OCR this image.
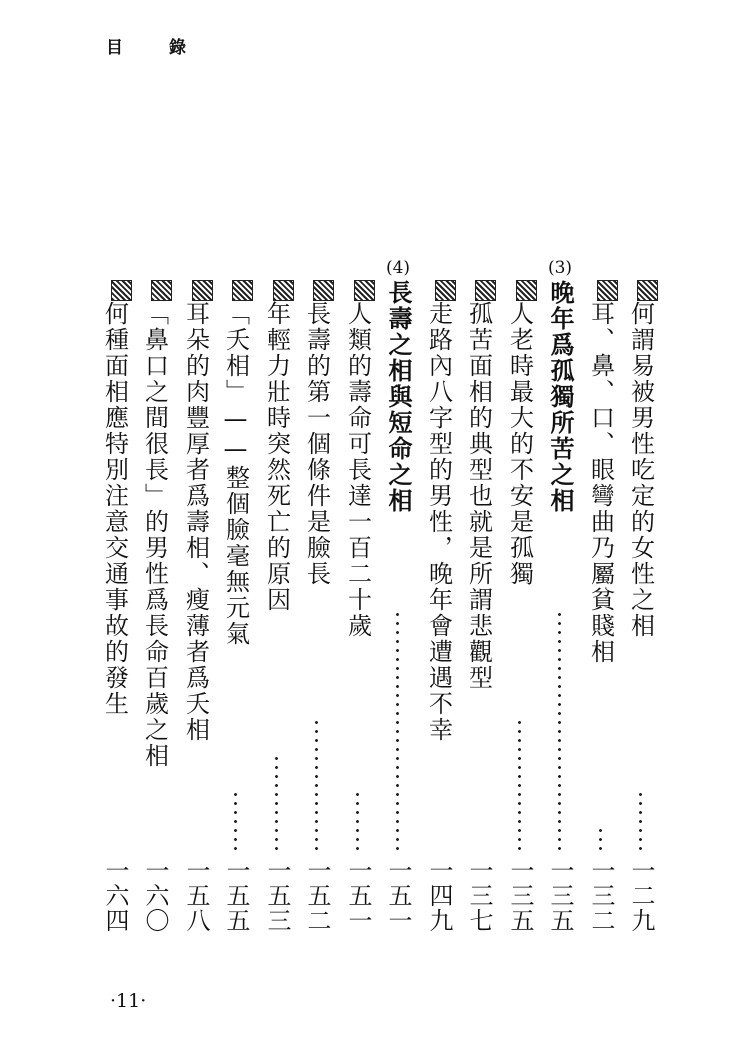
目錄
何謂易被男性吃定的女性之相
一二九
耳、鼻、口、眼彎曲乃屬貧賤相
一三二
(3)
晚年爲孤獨所苦之相
一三五
人老時最大的不安是孤獨
一三五
孤苦面相的典型也就是所謂悲觀型
一三七
走路內八字型的男性，晚年會遭遇不幸
一四九
(4)
長壽之相與短命之相
一五一
人類的壽命可長達一百二十歲
一五一
長壽的第一個條件是臉長
一五二
年輕力壯時突然死亡的原因
一五三
「夭相」——整個臉毫無元氣
一五五
耳朵的肉豐厚者爲壽相、瘦薄者爲夭相
一五八
「鼻口之間很長」的男性爲長命百歲之相
一六〇
何種面相應特別注意交通事故的發生
一六四
·11·
